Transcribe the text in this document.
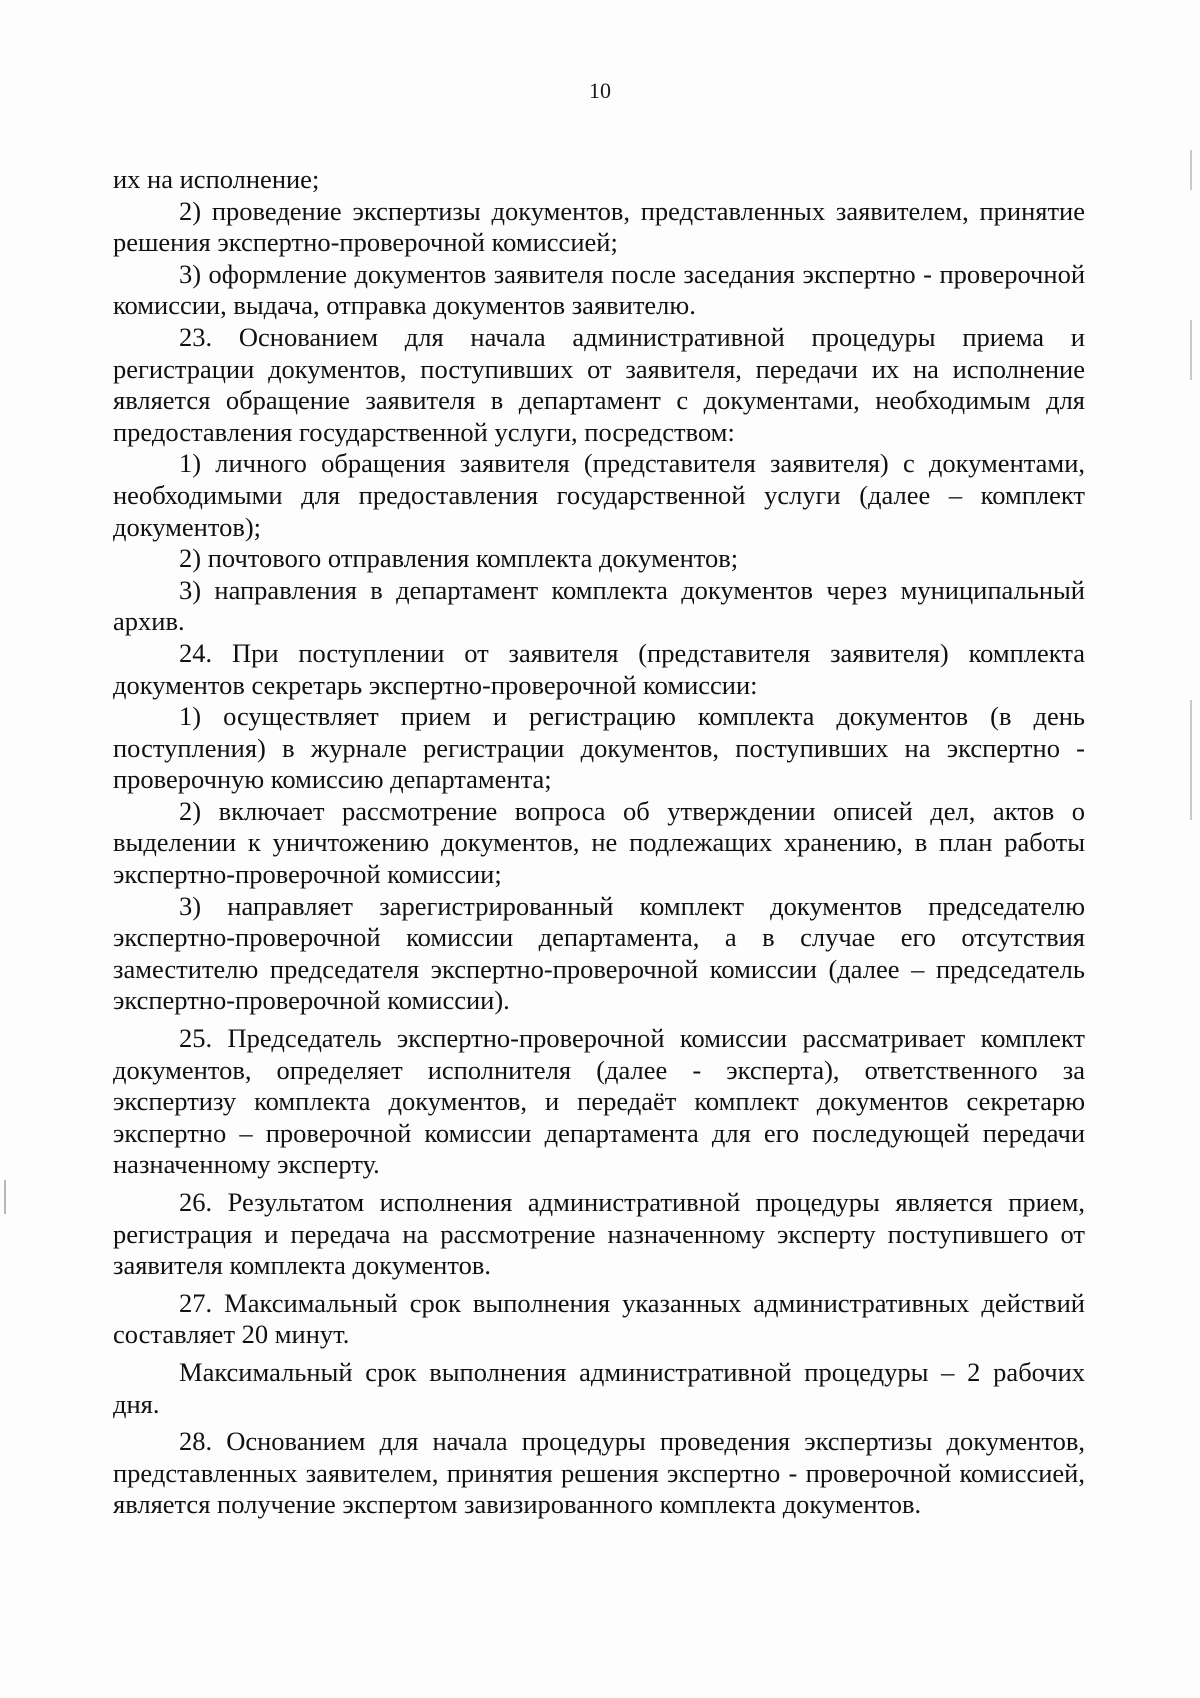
10

их на исполнение;

2) проведение экспертизы документов, представленных заявителем, принятие решения экспертно-проверочной комиссией;

3) оформление документов заявителя после заседания экспертно - проверочной комиссии, выдача, отправка документов заявителю.

23. Основанием для начала административной процедуры приема и регистрации документов, поступивших от заявителя, передачи их на исполнение является обращение заявителя в департамент с документами, необходимым для предоставления государственной услуги, посредством:

1) личного обращения заявителя (представителя заявителя) с документами, необходимыми для предоставления государственной услуги (далее – комплект документов);

2) почтового отправления комплекта документов;

3) направления в департамент комплекта документов через муниципальный архив.

24. При поступлении от заявителя (представителя заявителя) комплекта документов секретарь экспертно-проверочной комиссии:

1) осуществляет прием и регистрацию комплекта документов (в день поступления) в журнале регистрации документов, поступивших на экспертно - проверочную комиссию департамента;

2) включает рассмотрение вопроса об утверждении описей дел, актов о выделении к уничтожению документов, не подлежащих хранению, в план работы экспертно-проверочной комиссии;

3) направляет зарегистрированный комплект документов председателю экспертно-проверочной комиссии департамента, а в случае его отсутствия заместителю председателя экспертно-проверочной комиссии (далее – председатель экспертно-проверочной комиссии).

25. Председатель экспертно-проверочной комиссии рассматривает комплект документов, определяет исполнителя (далее - эксперта), ответственного за экспертизу комплекта документов, и передаёт комплект документов секретарю экспертно – проверочной комиссии департамента для его последующей передачи назначенному эксперту.

26. Результатом исполнения административной процедуры является прием, регистрация и передача на рассмотрение назначенному эксперту поступившего от заявителя комплекта документов.

27. Максимальный срок выполнения указанных административных действий составляет 20 минут.

Максимальный срок выполнения административной процедуры – 2 рабочих дня.

28. Основанием для начала процедуры проведения экспертизы документов, представленных заявителем, принятия решения экспертно - проверочной комиссией, является получение экспертом завизированного комплекта документов.
